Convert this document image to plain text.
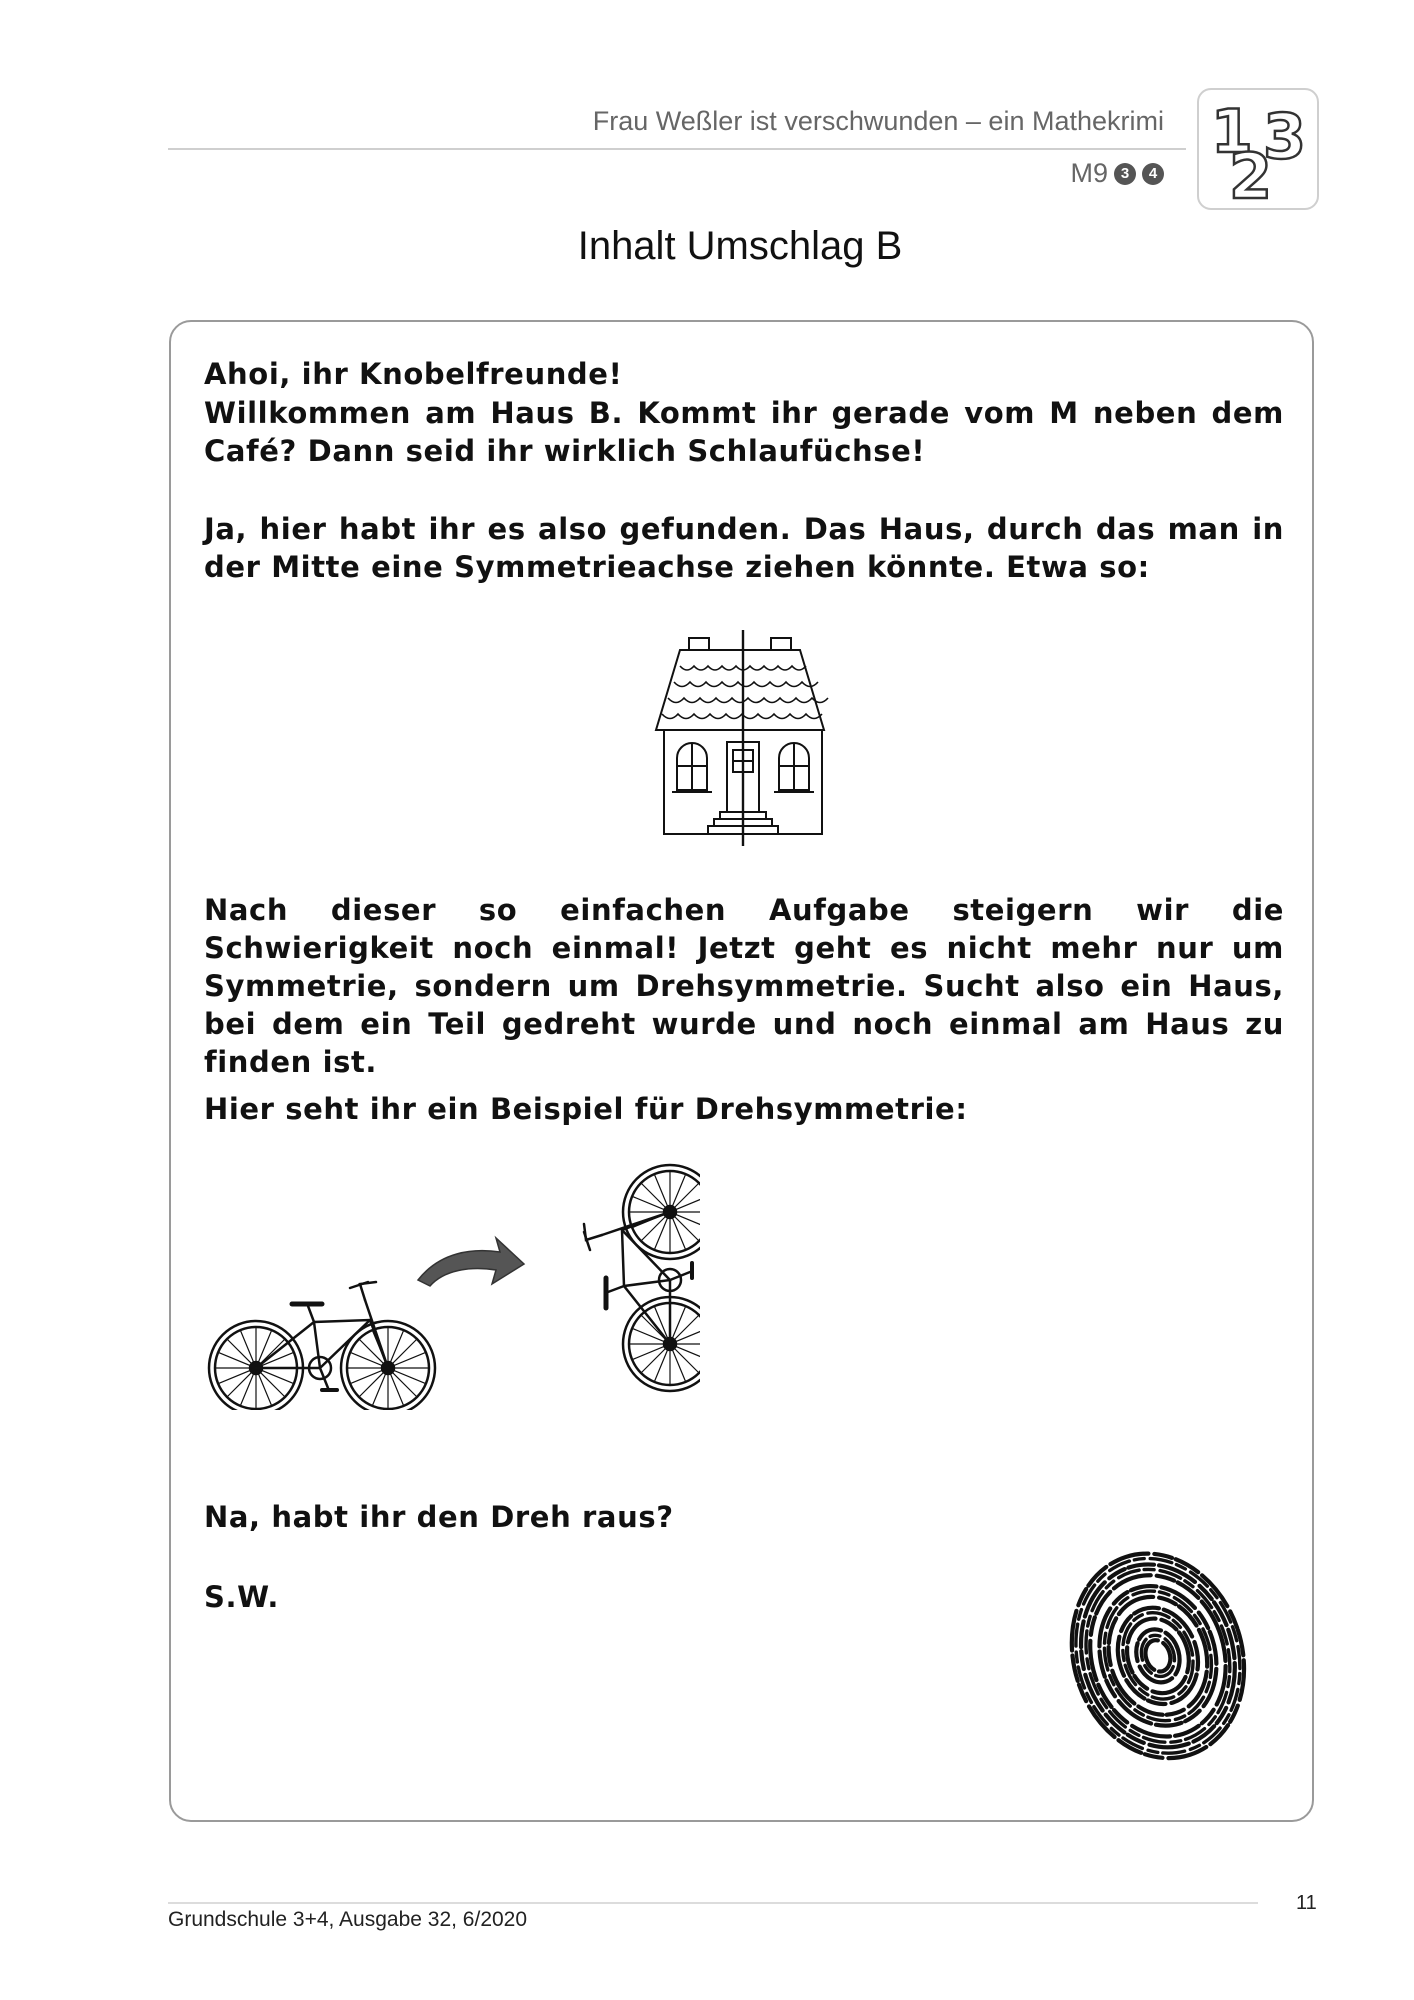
Frau Weßler ist verschwunden – ein Mathekrimi
M9 3	4 3
1
2
Inhalt Umschlag B

Ahoi, ihr Knobelfreunde!

Willkommen am Haus B. Kommt ihr gerade vom M neben dem Café? Dann seid ihr wirklich Schlaufüchse!

Ja, hier habt ihr es also gefunden. Das Haus, durch das man in der Mitte eine Symmetrieachse ziehen könnte. Etwa so:

Nach dieser so einfachen Aufgabe steigern wir die Schwierigkeit noch einmal! Jetzt geht es nicht mehr nur um Symmetrie, sondern um Drehsymmetrie. Sucht also ein Haus, bei dem ein Teil gedreht wurde und noch einmal am Haus zu finden ist.

Hier seht ihr ein Beispiel für Drehsymmetrie:

Na, habt ihr den Dreh raus?

S.W.

Grundschule 3+4, Ausgabe 32, 6/2020
11
